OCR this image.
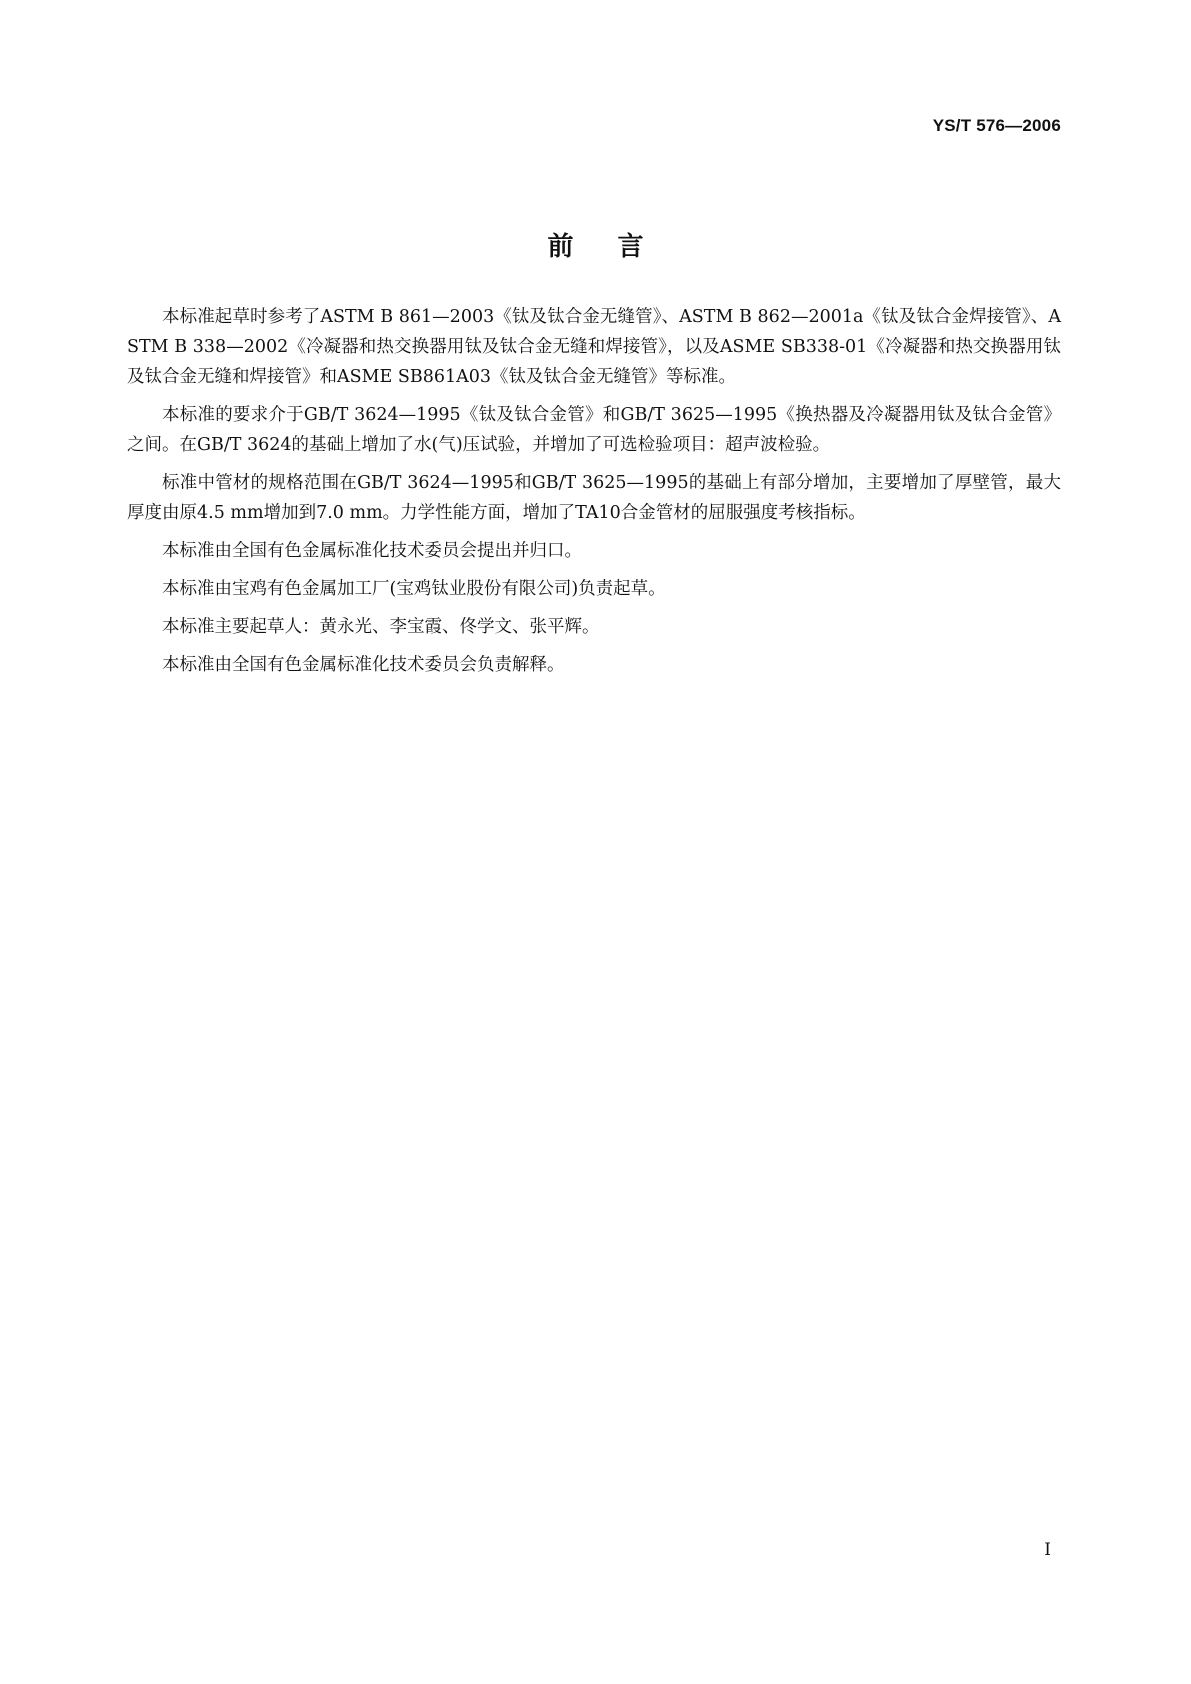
YS/T 576—2006
前言

本标准起草时参考了ASTM B 861—2003《钛及钛合金无缝管》、ASTM B 862—2001a《钛及钛合金焊接管》、ASTM B 338—2002《冷凝器和热交换器用钛及钛合金无缝和焊接管》，以及ASME SB338-01《冷凝器和热交换器用钛及钛合金无缝和焊接管》和ASME SB861A03《钛及钛合金无缝管》等标准。

本标准的要求介于GB/T 3624—1995《钛及钛合金管》和GB/T 3625—1995《换热器及冷凝器用钛及钛合金管》之间。在GB/T 3624的基础上增加了水(气)压试验，并增加了可选检验项目：超声波检验。

标准中管材的规格范围在GB/T 3624—1995和GB/T 3625—1995的基础上有部分增加，主要增加了厚壁管，最大厚度由原4.5 mm增加到7.0 mm。力学性能方面，增加了TA10合金管材的屈服强度考核指标。

本标准由全国有色金属标准化技术委员会提出并归口。

本标准由宝鸡有色金属加工厂(宝鸡钛业股份有限公司)负责起草。

本标准主要起草人：黄永光、李宝霞、佟学文、张平辉。

本标准由全国有色金属标准化技术委员会负责解释。

I
